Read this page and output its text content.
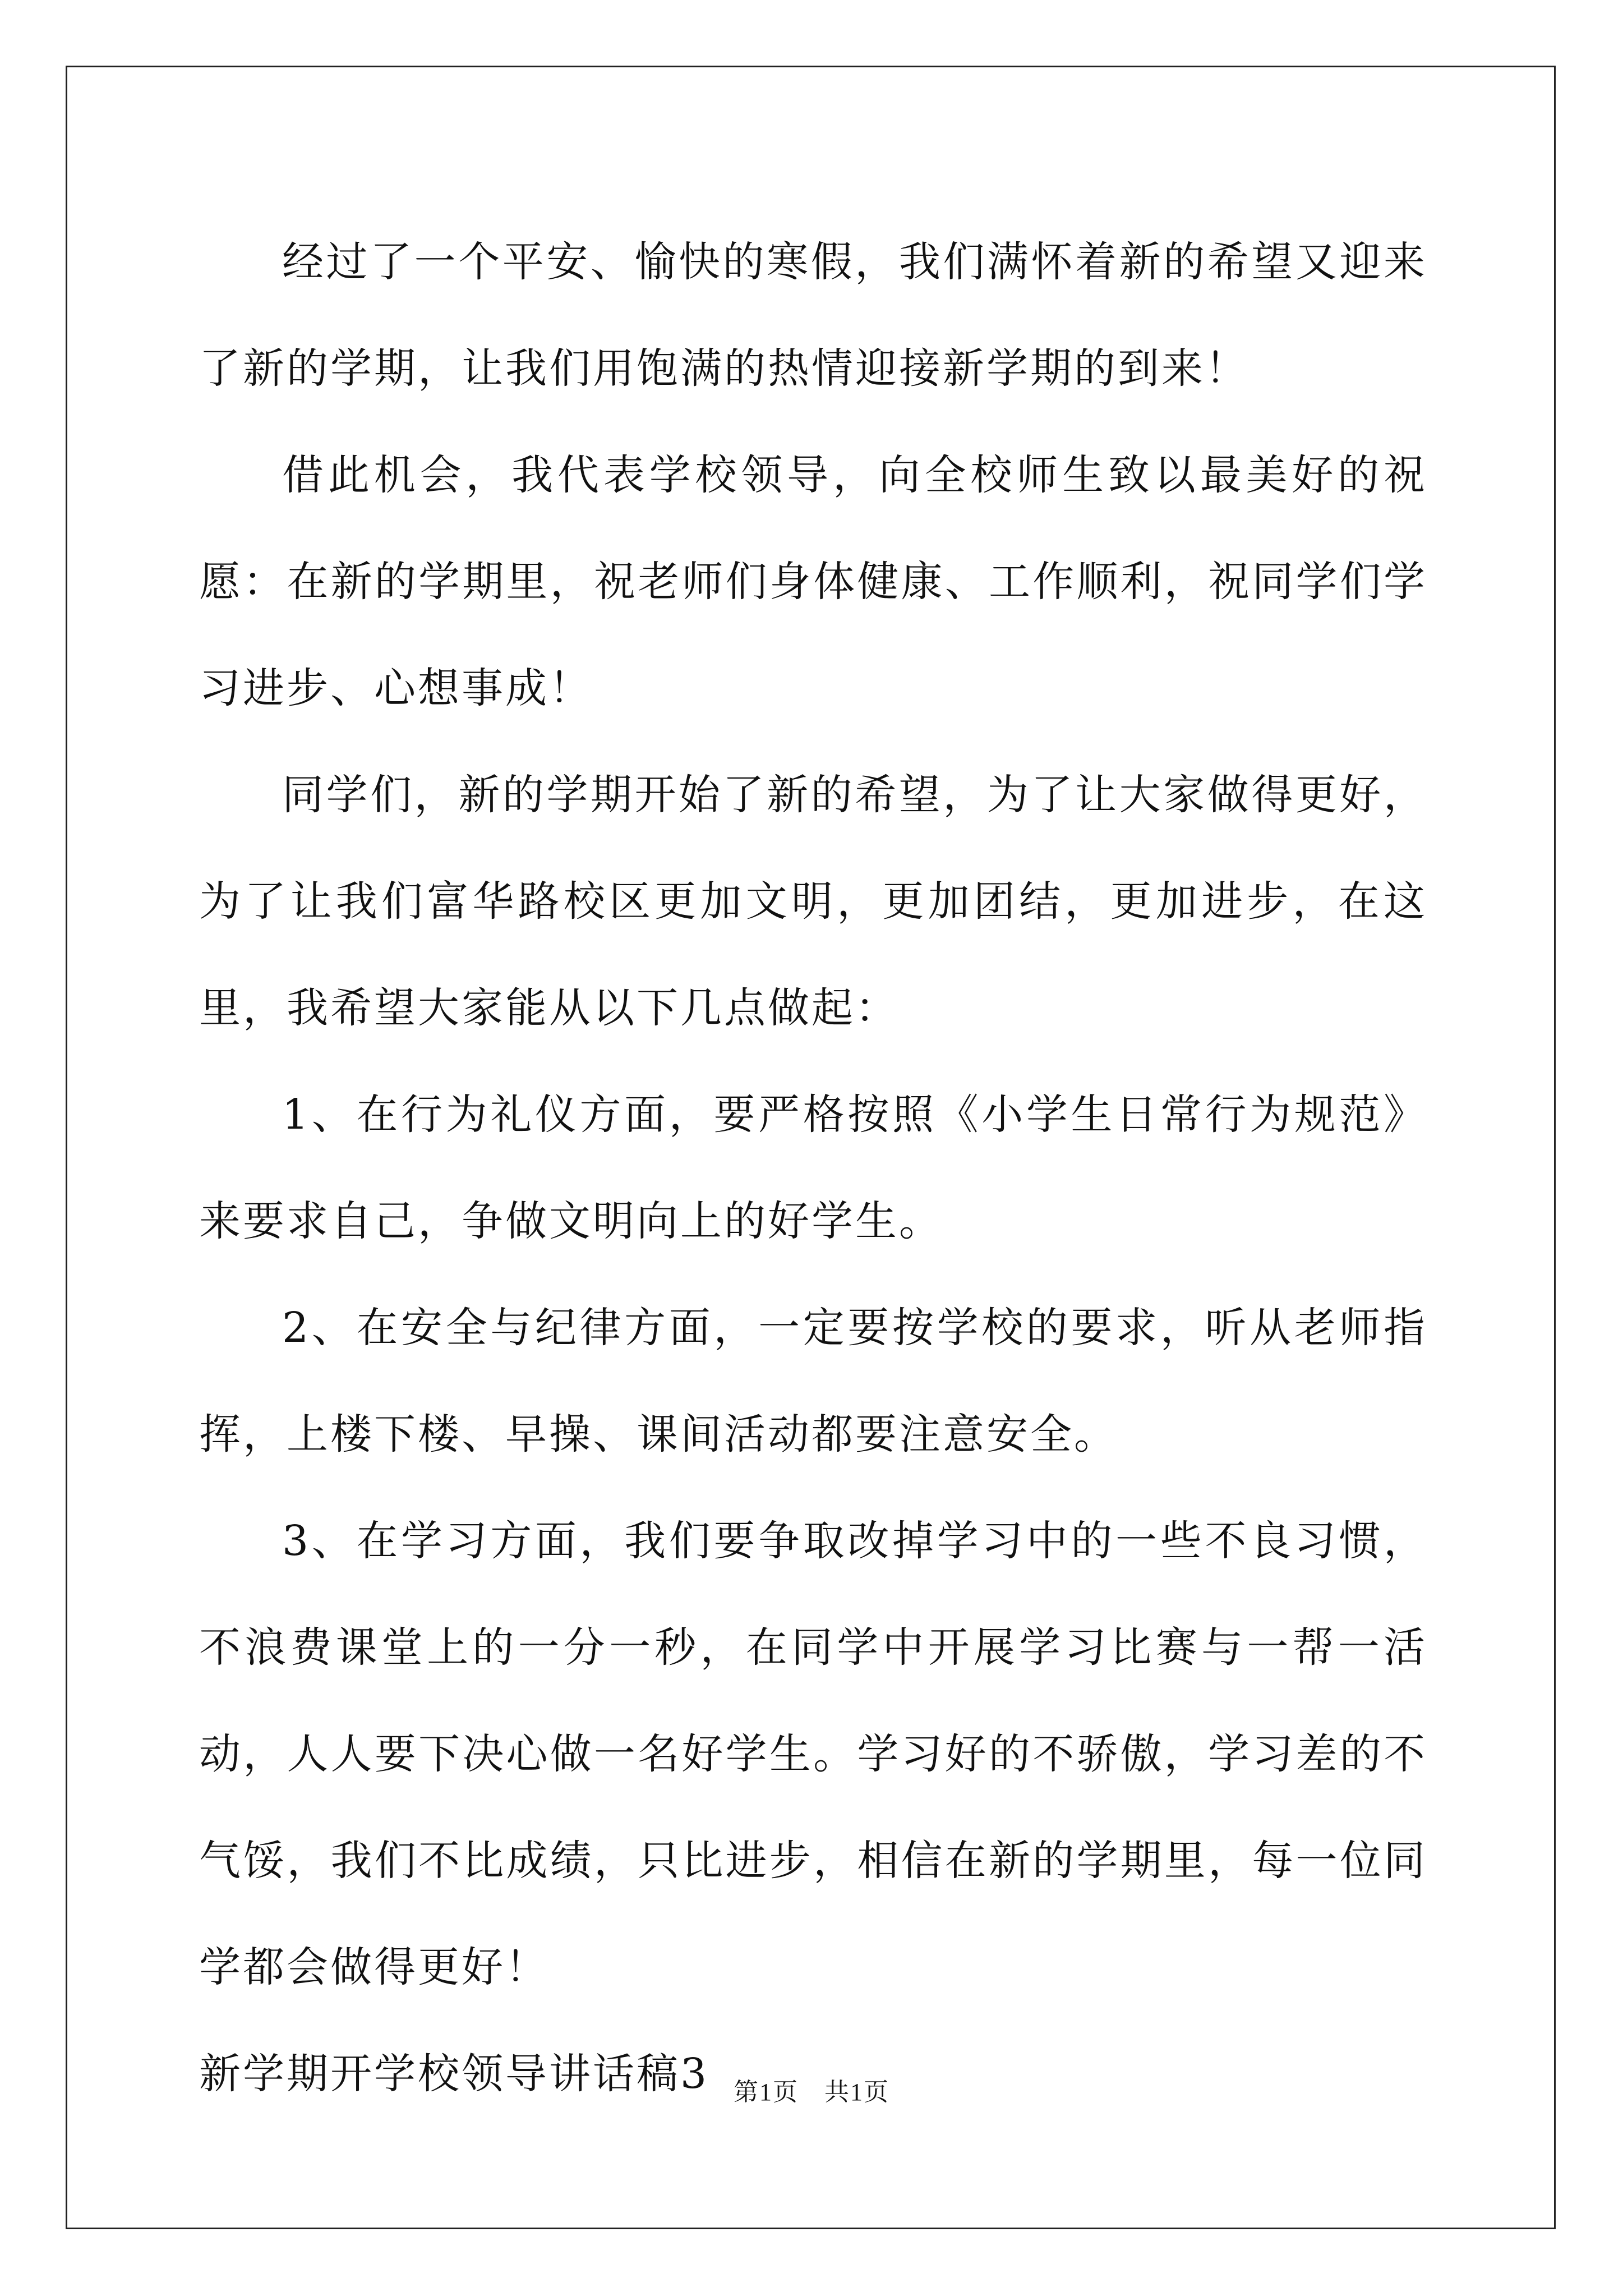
经过了一个平安、愉快的寒假，我们满怀着新的希望又迎来了新的学期，让我们用饱满的热情迎接新学期的到来！

借此机会，我代表学校领导，向全校师生致以最美好的祝愿：在新的学期里，祝老师们身体健康、工作顺利，祝同学们学习进步、心想事成！

同学们，新的学期开始了新的希望，为了让大家做得更好，为了让我们富华路校区更加文明，更加团结，更加进步，在这里，我希望大家能从以下几点做起：

1、在行为礼仪方面，要严格按照《小学生日常行为规范》来要求自己，争做文明向上的好学生。

2、在安全与纪律方面，一定要按学校的要求，听从老师指挥，上楼下楼、早操、课间活动都要注意安全。

3、在学习方面，我们要争取改掉学习中的一些不良习惯，不浪费课堂上的一分一秒，在同学中开展学习比赛与一帮一活动，人人要下决心做一名好学生。学习好的不骄傲，学习差的不气馁，我们不比成绩，只比进步，相信在新的学期里，每一位同学都会做得更好！

新学期开学校领导讲话稿3 第1页　共1页
